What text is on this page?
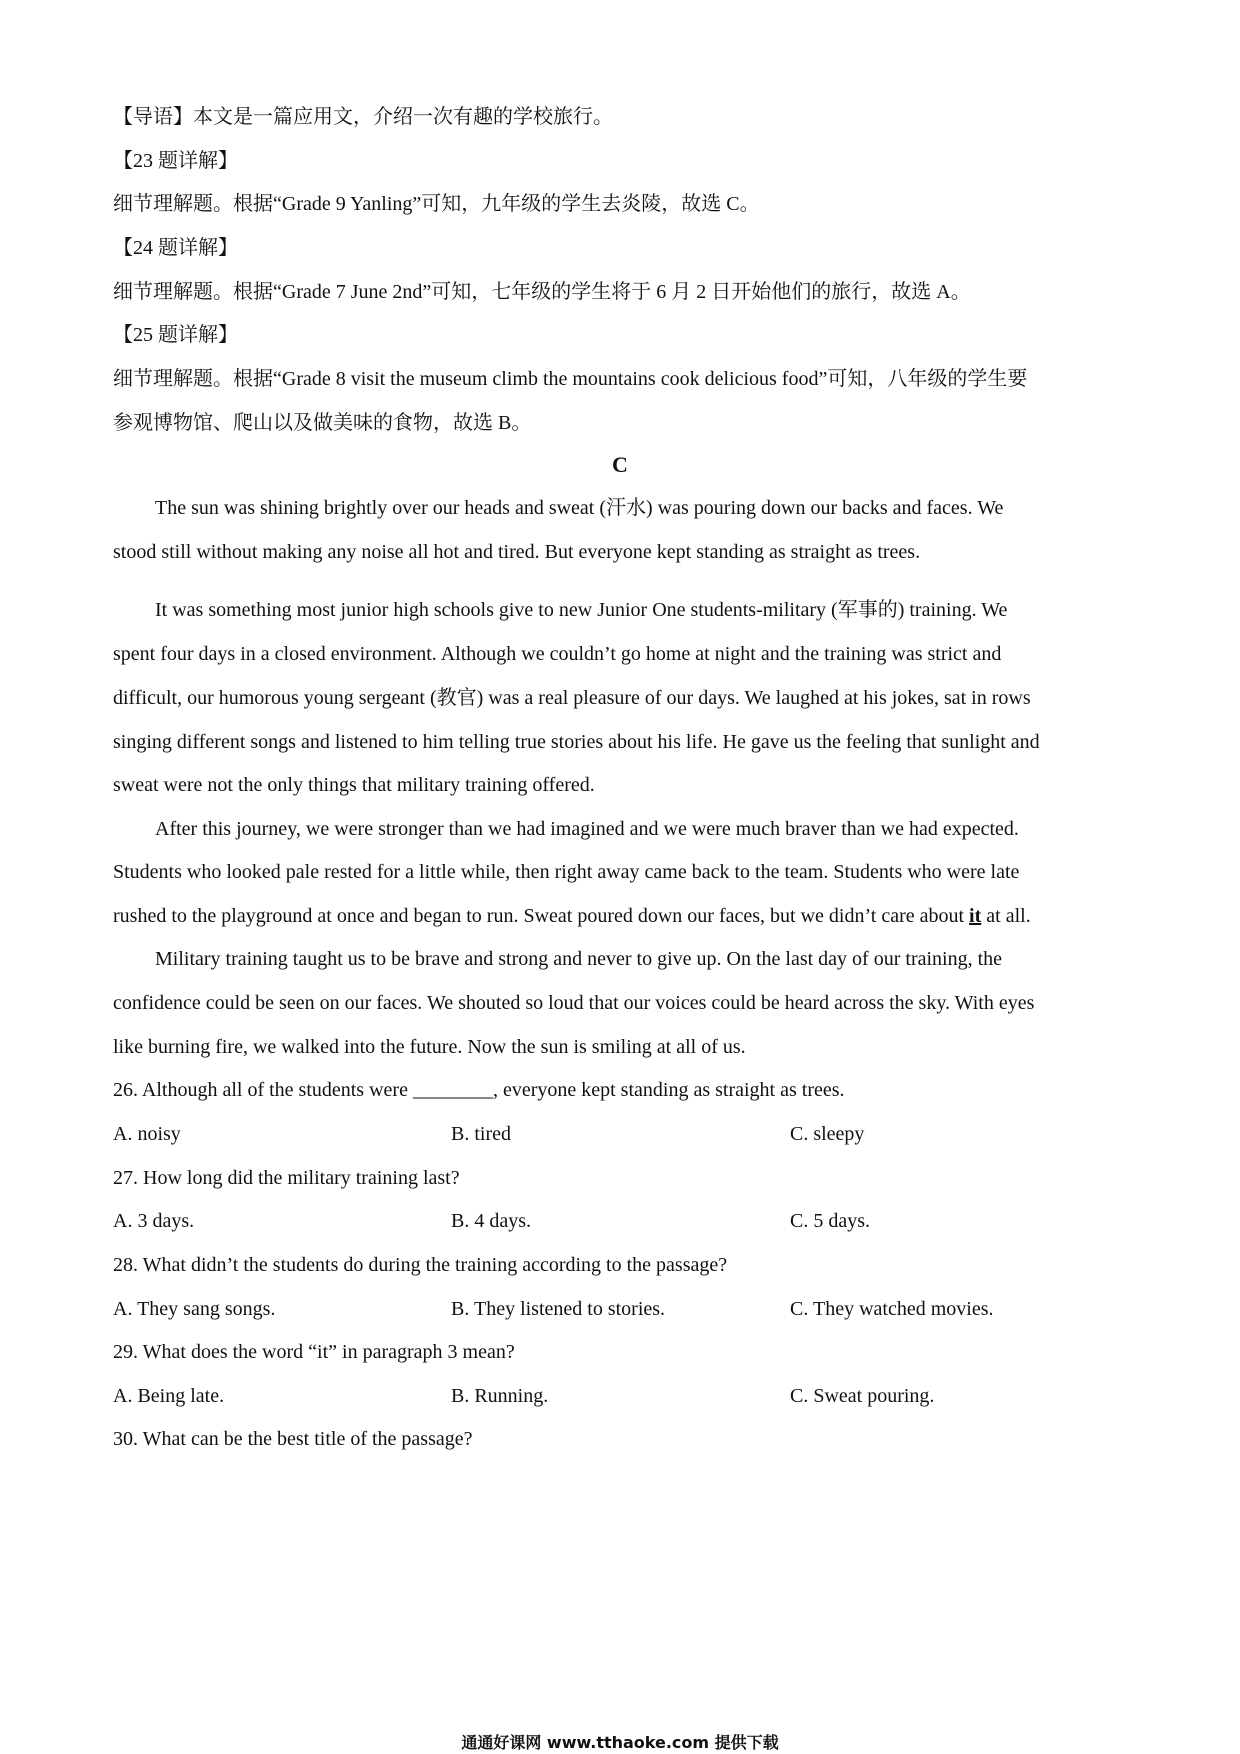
【导语】本文是一篇应用文，介绍一次有趣的学校旅行。
【23 题详解】
细节理解题。根据“Grade 9 Yanling”可知，九年级的学生去炎陵，故选 C。
【24 题详解】
细节理解题。根据“Grade 7 June 2nd”可知，七年级的学生将于 6 月 2 日开始他们的旅行，故选 A。
【25 题详解】
细节理解题。根据“Grade 8 visit the museum climb the mountains cook delicious food”可知，八年级的学生要
参观博物馆、爬山以及做美味的食物，故选 B。
C
The sun was shining brightly over our heads and sweat (汗水) was pouring down our backs and faces. We
stood still without making any noise all hot and tired. But everyone kept standing as straight as trees.
It was something most junior high schools give to new Junior One students-military (军事的) training. We
spent four days in a closed environment. Although we couldn’t go home at night and the training was strict and
difficult, our humorous young sergeant (教官) was a real pleasure of our days. We laughed at his jokes, sat in rows
singing different songs and listened to him telling true stories about his life. He gave us the feeling that sunlight and
sweat were not the only things that military training offered.
After this journey, we were stronger than we had imagined and we were much braver than we had expected.
Students who looked pale rested for a little while, then right away came back to the team. Students who were late
rushed to the playground at once and began to run. Sweat poured down our faces, but we didn’t care about it at all.
Military training taught us to be brave and strong and never to give up. On the last day of our training, the
confidence could be seen on our faces. We shouted so loud that our voices could be heard across the sky. With eyes
like burning fire, we walked into the future. Now the sun is smiling at all of us.
26. Although all of the students were ________, everyone kept standing as straight as trees.
A. noisy	B. tired	C. sleepy
27. How long did the military training last?
A. 3 days.	B. 4 days.	C. 5 days.
28. What didn’t the students do during the training according to the passage?
A. They sang songs.	B. They listened to stories.	C. They watched movies.
29. What does the word “it” in paragraph 3 mean?
A. Being late.	B. Running.	C. Sweat pouring.
30. What can be the best title of the passage?
通通好课网 www.tthaoke.com 提供下载
